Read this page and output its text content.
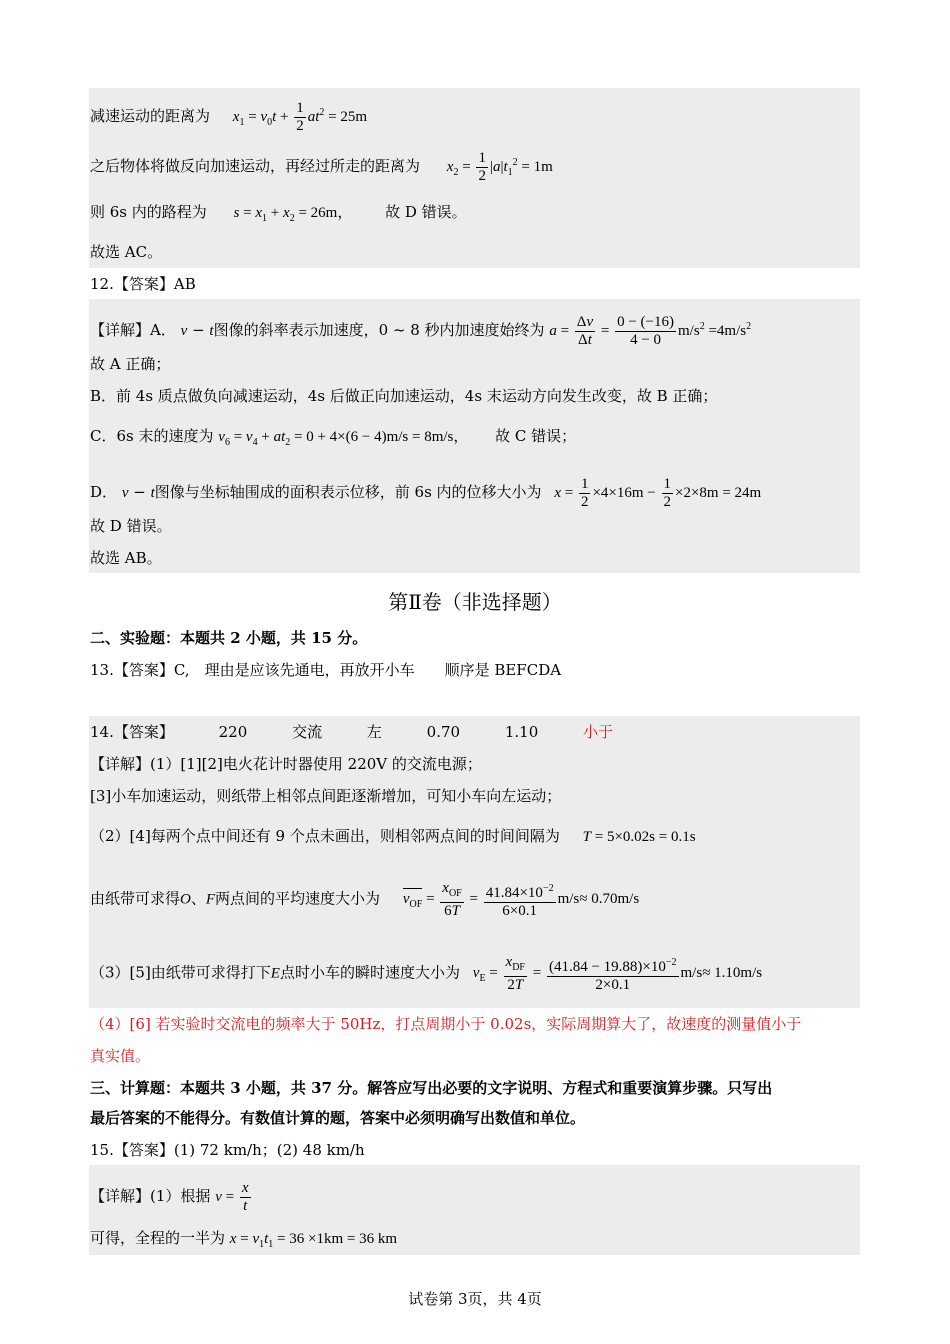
减速运动的距离为 $x_1 = v_0t + \frac{1}{2} at^2 = 25m$
之后物体将做反向加速运动，再经过所走的距离为 $x_2 = \frac{1}{2} |a|t_1^2 = 1m$
则 6s 内的路程为 $s = x_1 + x_2 = 26m$， 故 D 错误。
故选 AC。
12.【答案】AB
【详解】A． v − t图像的斜率表示加速度，0 ~ 8 秒内加速度始终为 $a = \frac{\Delta v}{\Delta t} = \frac{0 - (-16)}{4 - 0} m/s^2 =4m/s^2$
故 A 正确；
B．前 4s 质点做负向减速运动，4s 后做正向加速运动，4s 末运动方向发生改变，故 B 正确；
C．6s 末的速度为 $v_6 = v_4 + at_2 = 0 + 4\times(6 - 4)m/s = 8m/s$， 故 C 错误；
D． v − t图像与坐标轴围成的面积表示位移，前 6s 内的位移大小为 $x = \frac{1}{2} \times 4\times 16m - \frac{1}{2} \times 2\times 8m = 24m$
故 D 错误。
故选 AB。
第Ⅱ卷（非选择题）
二、实验题：本题共 2 小题，共 15 分。
13.【答案】C,　理由是应该先通电，再放开小车　　顺序是 BEFCDA
14.【答案】	220	交流	左	0.70	1.10	小于
【详解】(1）[1][2]电火花计时器使用 220V 的交流电源；
[3]小车加速运动，则纸带上相邻点间距逐渐增加，可知小车向左运动；
（2）[4]每两个点中间还有 9 个点未画出，则相邻两点间的时间间隔为 T = 5×0.02s = 0.1s
由纸带可求得O、F两点间的平均速度大小为 $v_{OF} = \frac{x_{OF}}{6T} = \frac{41.84\times 10^{-2}}{6\times 0.1} m/s\approx 0.70m/s$
（3）[5]由纸带可求得打下E点时小车的瞬时速度大小为 $v_E = \frac{x_{DF}}{2T} = \frac{(41.84 - 19.88)\times 10^{-2}}{2\times 0.1} m/s\approx 1.10m/s$
（4）[6] 若实验时交流电的频率大于 50Hz，打点周期小于 0.02s，实际周期算大了，故速度的测量值小于
真实值。
三、计算题：本题共 3 小题，共 37 分。解答应写出必要的文字说明、方程式和重要演算步骤。只写出
最后答案的不能得分。有数值计算的题，答案中必须明确写出数值和单位。
15.【答案】(1) 72 km/h；(2) 48 km/h
【详解】(1）根据 $v = \frac{x}{t}$
可得，全程的一半为 $x = v_1t_1 = 36 \times 1km = 36$ km
试卷第 3页，共 4页
